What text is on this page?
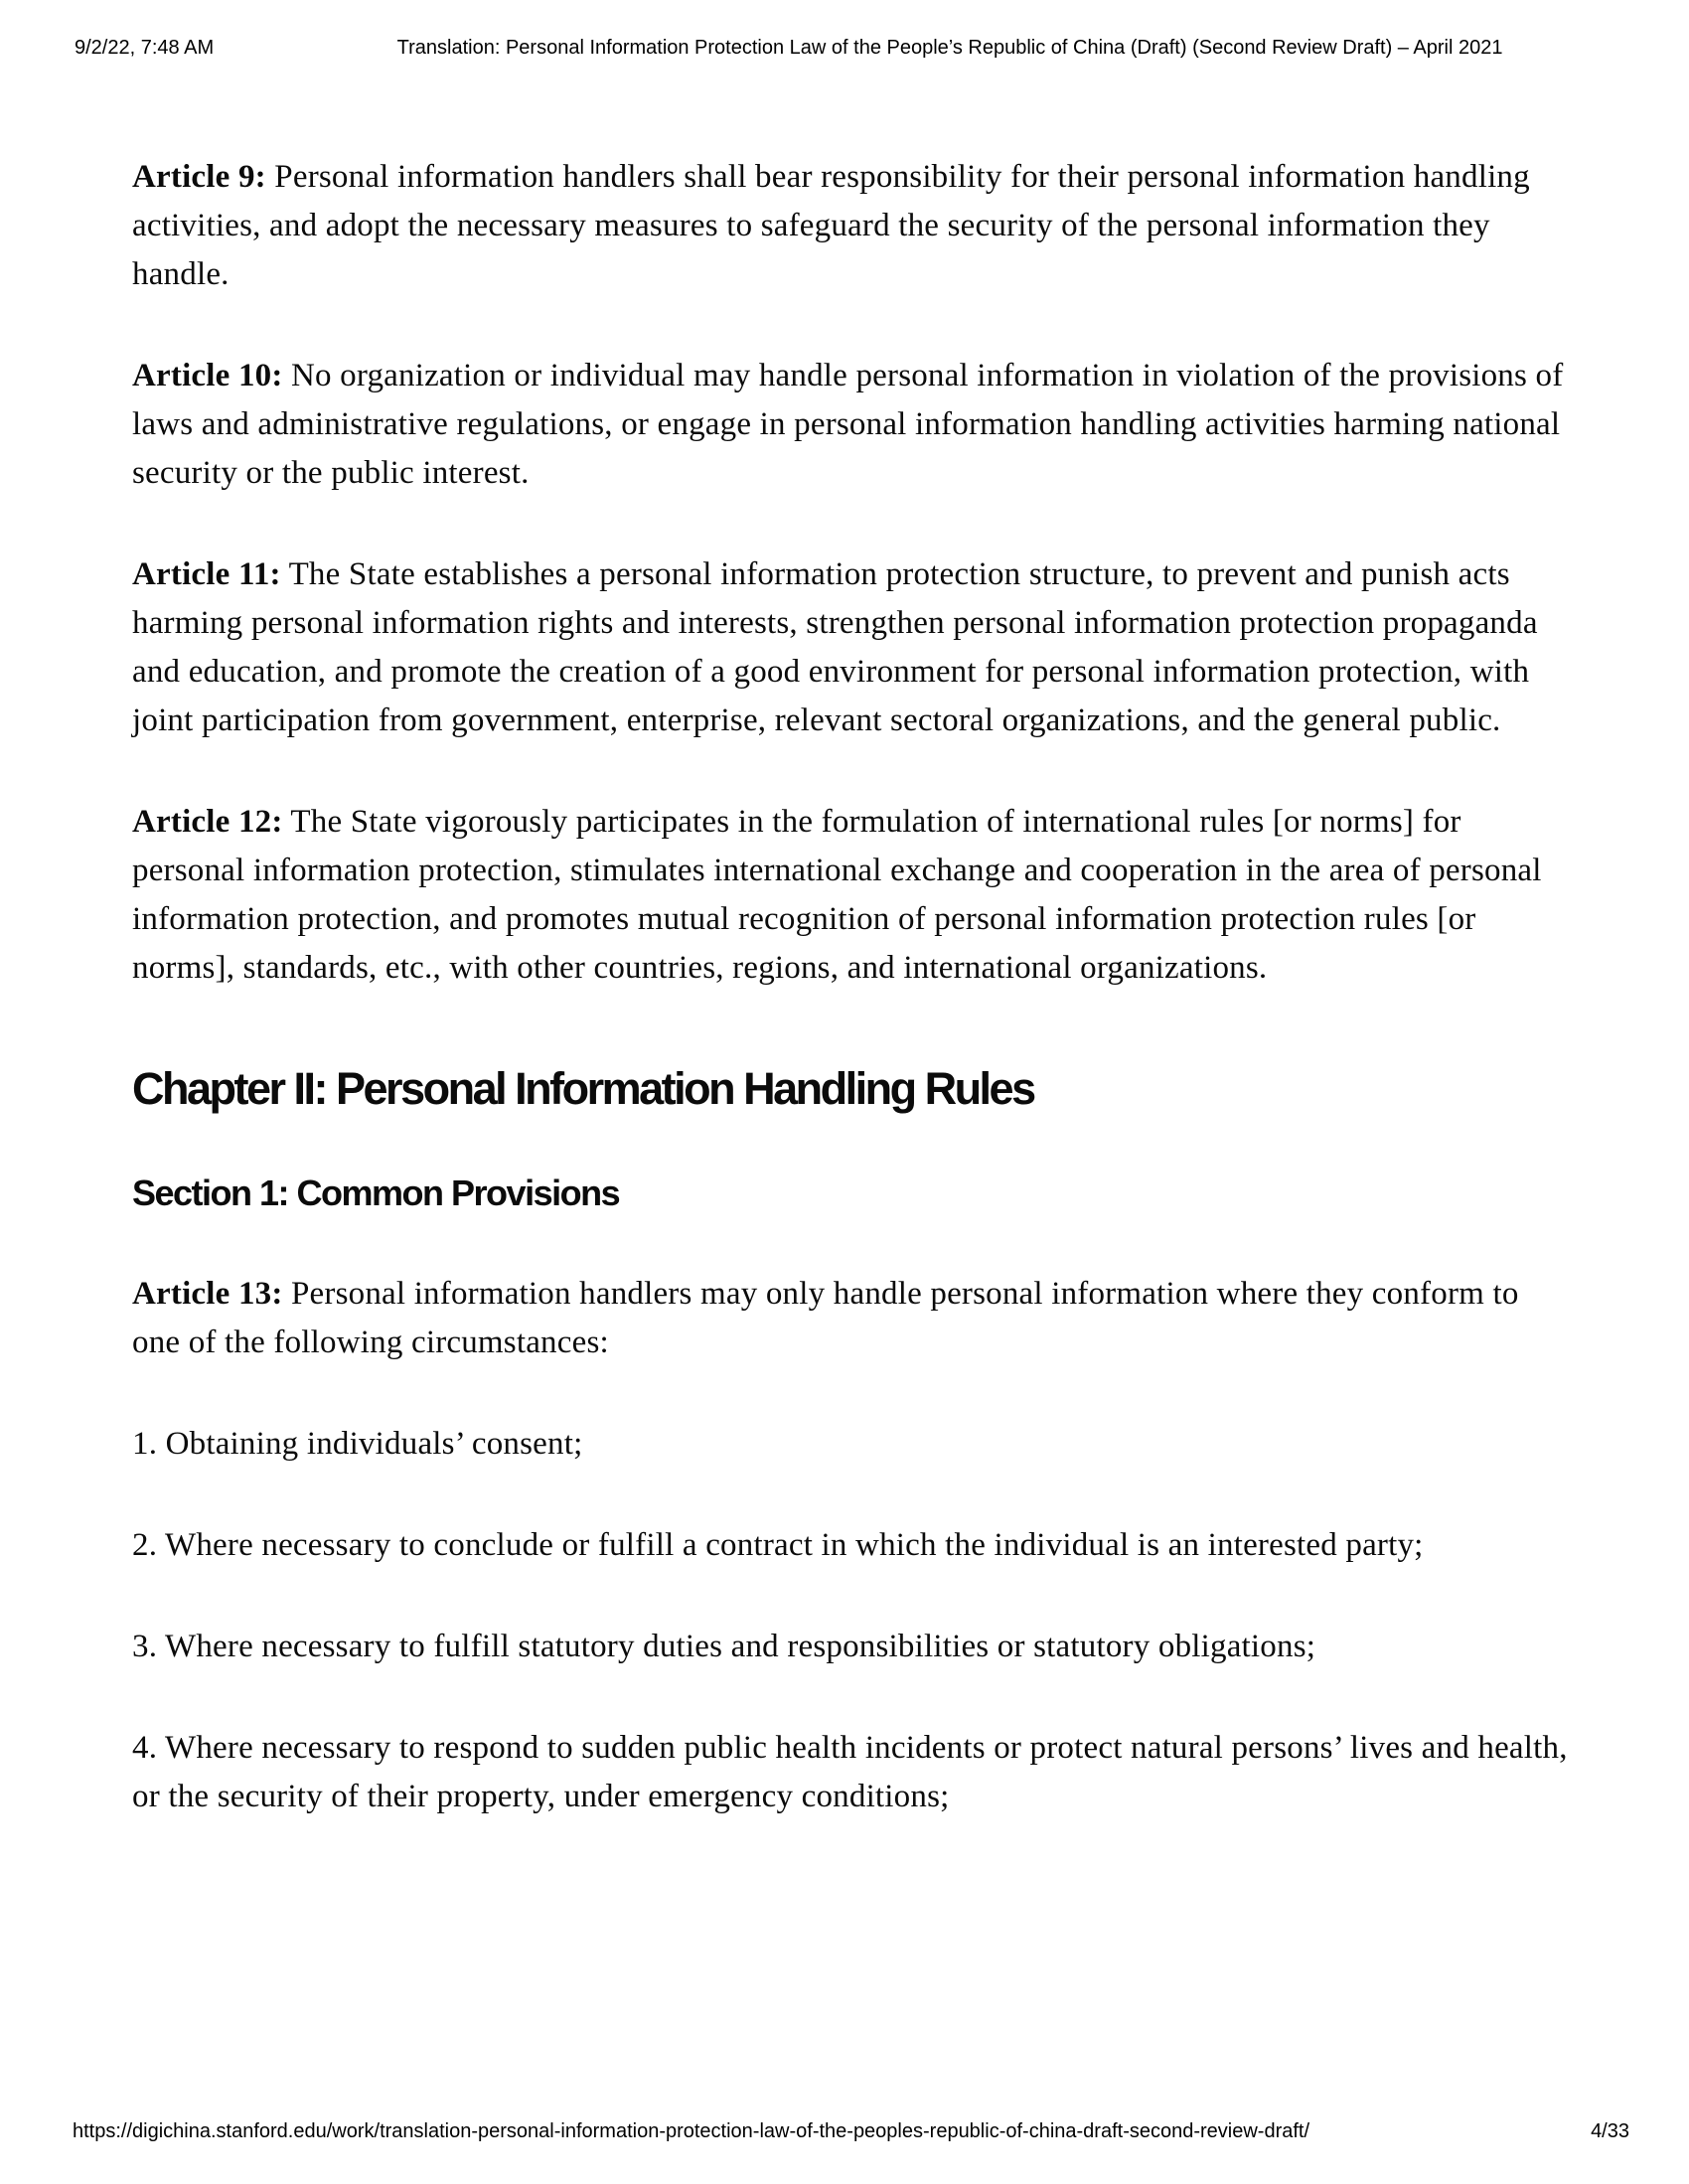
9/2/22, 7:48 AM	Translation: Personal Information Protection Law of the People’s Republic of China (Draft) (Second Review Draft) – April 2021

Article 9: Personal information handlers shall bear responsibility for their personal information handling activities, and adopt the necessary measures to safeguard the security of the personal information they handle.

Article 10: No organization or individual may handle personal information in violation of the provisions of laws and administrative regulations, or engage in personal information handling activities harming national security or the public interest.

Article 11: The State establishes a personal information protection structure, to prevent and punish acts harming personal information rights and interests, strengthen personal information protection propaganda and education, and promote the creation of a good environment for personal information protection, with joint participation from government, enterprise, relevant sectoral organizations, and the general public.

Article 12: The State vigorously participates in the formulation of international rules [or norms] for personal information protection, stimulates international exchange and cooperation in the area of personal information protection, and promotes mutual recognition of personal information protection rules [or norms], standards, etc., with other countries, regions, and international organizations.

Chapter II: Personal Information Handling Rules
Section 1: Common Provisions

Article 13: Personal information handlers may only handle personal information where they conform to one of the following circumstances:

1. Obtaining individuals’ consent;

2. Where necessary to conclude or fulfill a contract in which the individual is an interested party;

3. Where necessary to fulfill statutory duties and responsibilities or statutory obligations;

4. Where necessary to respond to sudden public health incidents or protect natural persons’ lives and health, or the security of their property, under emergency conditions;

https://digichina.stanford.edu/work/translation-personal-information-protection-law-of-the-peoples-republic-of-china-draft-second-review-draft/	4/33
